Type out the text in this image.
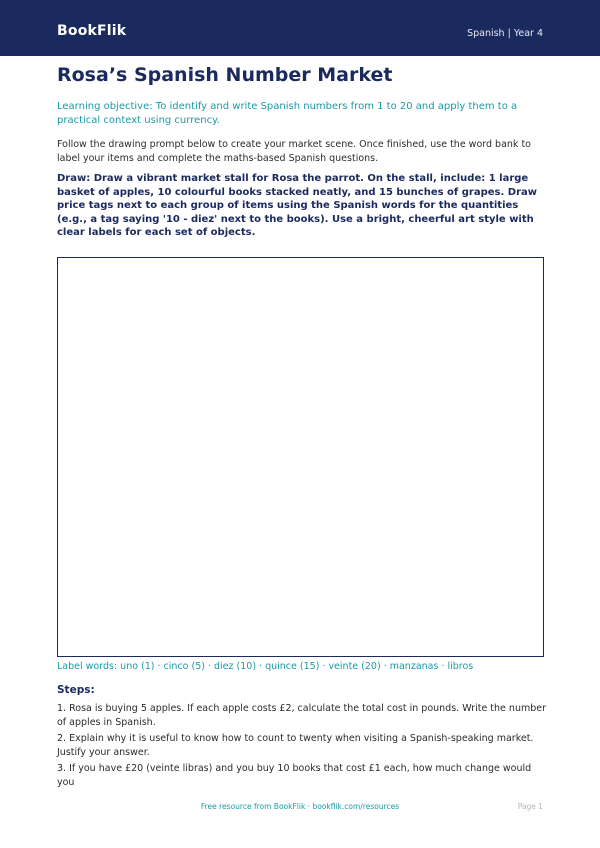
BookFlik	Spanish | Year 4
Rosa’s Spanish Number Market

Learning objective: To identify and write Spanish numbers from 1 to 20 and apply them to a practical context using currency.

Follow the drawing prompt below to create your market scene. Once finished, use the word bank to label your items and complete the maths-based Spanish questions.

Draw: Draw a vibrant market stall for Rosa the parrot. On the stall, include: 1 large basket of apples, 10 colourful books stacked neatly, and 15 bunches of grapes. Draw price tags next to each group of items using the Spanish words for the quantities (e.g., a tag saying '10 - diez' next to the books). Use a bright, cheerful art style with clear labels for each set of objects.

Label words: uno (1) · cinco (5) · diez (10) · quince (15) · veinte (20) · manzanas · libros
Steps:
1. Rosa is buying 5 apples. If each apple costs £2, calculate the total cost in pounds. Write the number of apples in Spanish.
2. Explain why it is useful to know how to count to twenty when visiting a Spanish-speaking market. Justify your answer.
3. If you have £20 (veinte libras) and you buy 10 books that cost £1 each, how much change would you
Free resource from BookFlik · bookflik.com/resources	Page 1
